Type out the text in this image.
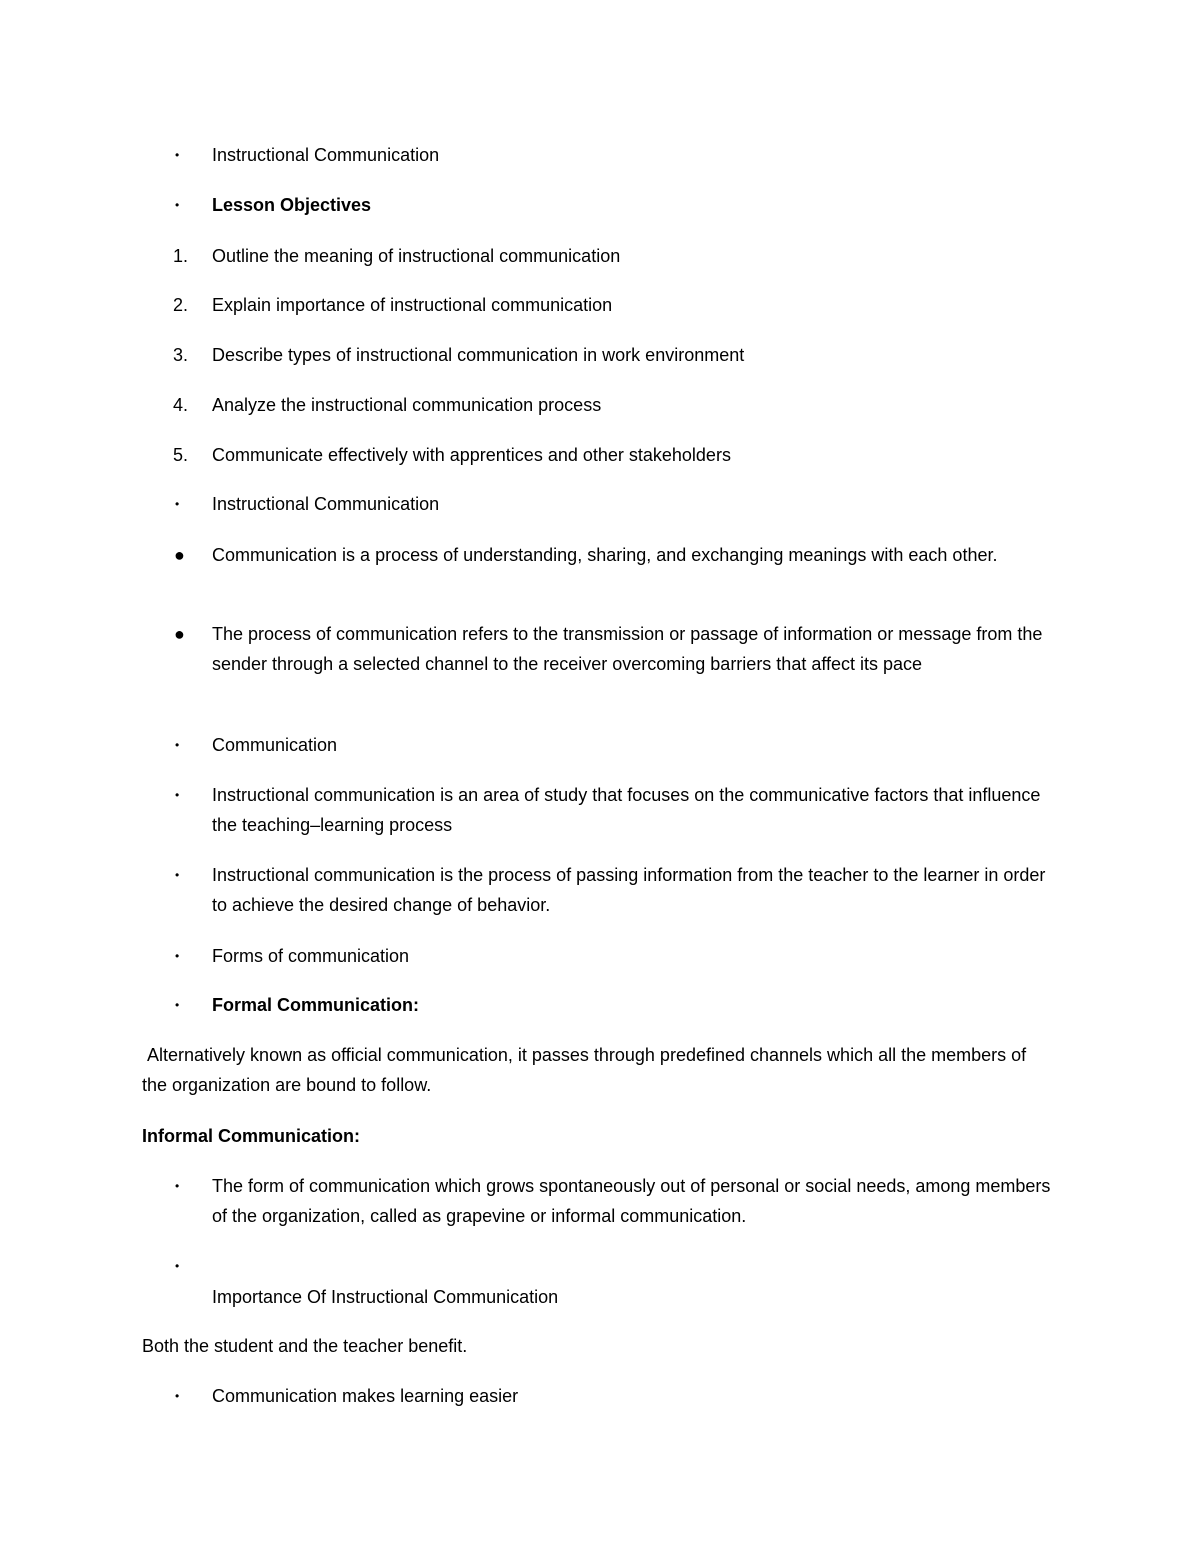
•	Instructional Communication
•	Lesson Objectives
1.	Outline the meaning of instructional communication
2.	Explain importance of instructional communication
3.	Describe types of instructional communication in work environment
4.	Analyze the instructional communication process
5.	Communicate effectively with apprentices and other stakeholders
•	Instructional Communication
●	Communication is a process of understanding, sharing, and exchanging meanings with each other.
●	The process of communication refers to the transmission or passage of information or message from the sender through a selected channel to the receiver overcoming barriers that affect its pace
•	Communication
•	Instructional communication is an area of study that focuses on the communicative factors that influence the teaching–learning process
•	Instructional communication is the process of passing information from the teacher to the learner in order to achieve the desired change of behavior.
•	Forms of communication
•	Formal Communication:
Alternatively known as official communication, it passes through predefined channels which all the members of the organization are bound to follow.
Informal Communication:
•	The form of communication which grows spontaneously out of personal or social needs, among members of the organization, called as grapevine or informal communication.
•
Importance Of Instructional Communication
Both the student and the teacher benefit.
•	Communication makes learning easier
